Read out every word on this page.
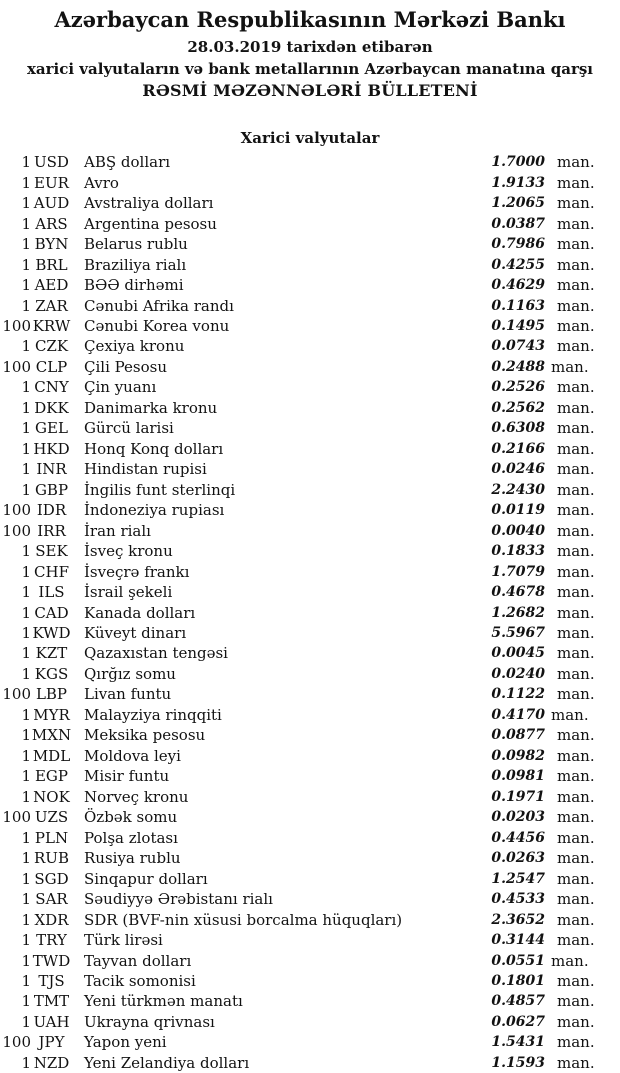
Azərbaycan Respublikasının Mərkəzi Bankı
28.03.2019 tarixdən etibarən
xarici valyutaların və bank metallarının Azərbaycan manatına qarşı
RƏSMİ MƏZƏNNƏLƏRİ BÜLLETENİ
Xarici valyutalar
1 USD	ABŞ dolları	1.7000 man.
1 EUR	Avro	1.9133 man.
1 AUD Avstraliya dolları	1.2065 man.
1 ARS	Argentina pesosu	0.0387 man.
1 BYN	Belarus rublu	0.7986 man.
1 BRL	Braziliya rialı	0.4255 man.
1 AED	BƏƏ dirhəmi	0.4629 man.
1 ZAR	Cənubi Afrika randı	0.1163 man.
100 KRW Cənubi Korea vonu	0.1495 man.
1 CZK	Çexiya kronu	0.0743 man.
100 CLP	Çili Pesosu	0.2488 man.
1 CNY	Çin yuanı	0.2526 man.
1 DKK	Danimarka kronu	0.2562 man.
1 GEL	Gürcü larisi	0.6308 man.
1 HKD Honq Konq dolları	0.2166 man.
1 INR	Hindistan rupisi	0.0246 man.
1 GBP	İngilis funt sterlinqi	2.2430 man.
100 IDR	İndoneziya rupiası	0.0119 man.
100 IRR	İran rialı	0.0040 man.
1 SEK	İsveç kronu	0.1833 man.
1 CHF	İsveçrə frankı	1.7079 man.
1 ILS	İsrail şekeli	0.4678 man.
1 CAD	Kanada dolları	1.2682 man.
1 KWD Küveyt dinarı	5.5967 man.
1 KZT	Qazaxıstan tengəsi	0.0045 man.
1 KGS	Qırğız somu	0.0240 man.
100 LBP	Livan funtu	0.1122 man.
1 MYR Malayziya rinqqiti	0.4170 man.
1 MXN Meksika pesosu	0.0877 man.
1 MDL Moldova leyi	0.0982 man.
1 EGP	Misir funtu	0.0981 man.
1 NOK Norveç kronu	0.1971 man.
100 UZS	Özbək somu	0.0203 man.
1 PLN	Polşa zlotası	0.4456 man.
1 RUB	Rusiya rublu	0.0263 man.
1 SGD	Sinqapur dolları	1.2547 man.
1 SAR	Səudiyyə Ərəbistanı rialı	0.4533 man.
1 XDR	SDR (BVF-nin xüsusi borcalma hüquqları)	2.3652 man.
1 TRY	Türk lirəsi	0.3144 man.
1 TWD Tayvan dolları	0.0551 man.
1 TJS	Tacik somonisi	0.1801 man.
1 TMT Yeni türkmən manatı	0.4857 man.
1 UAH Ukrayna qrivnası	0.0627 man.
100 JPY	Yapon yeni	1.5431 man.
1 NZD Yeni Zelandiya dolları	1.1593 man.
